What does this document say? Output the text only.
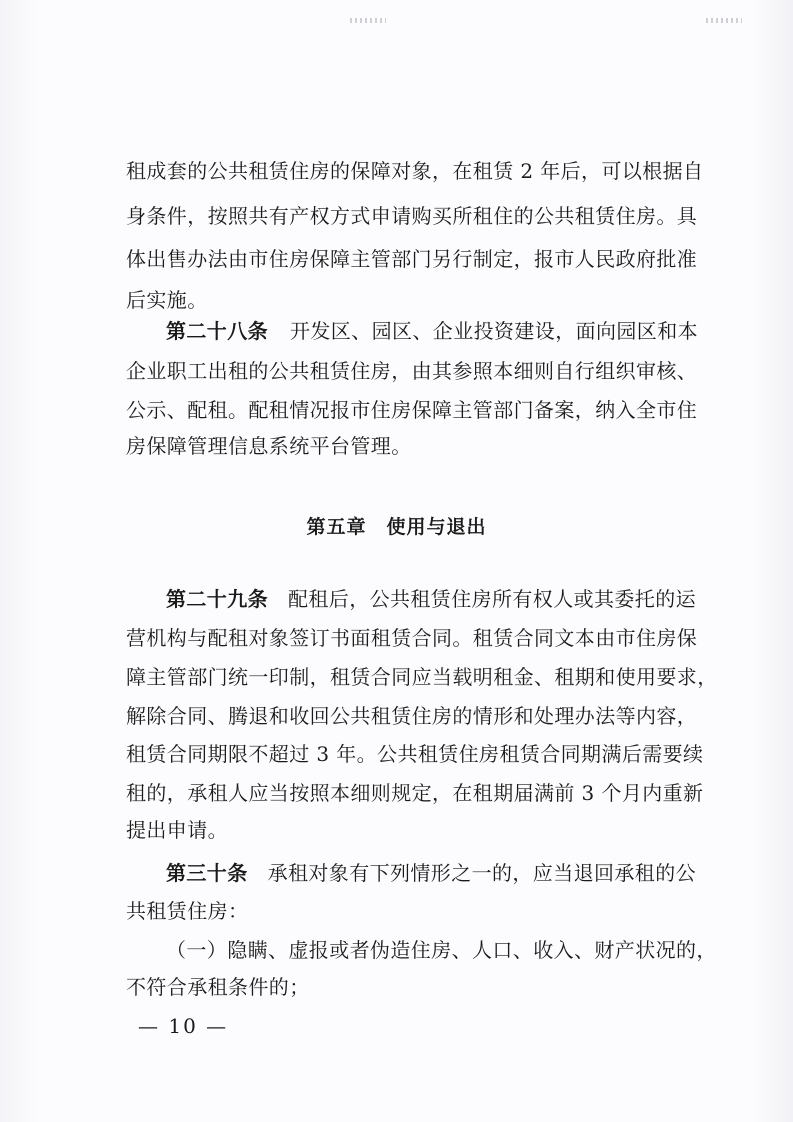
租成套的公共租赁住房的保障对象，在租赁 2 年后，可以根据自
身条件，按照共有产权方式申请购买所租住的公共租赁住房。具
体出售办法由市住房保障主管部门另行制定，报市人民政府批准
后实施。
第二十八条 开发区、园区、企业投资建设，面向园区和本
企业职工出租的公共租赁住房，由其参照本细则自行组织审核、
公示、配租。配租情况报市住房保障主管部门备案，纳入全市住
房保障管理信息系统平台管理。
第五章　使用与退出
第二十九条 配租后，公共租赁住房所有权人或其委托的运
营机构与配租对象签订书面租赁合同。租赁合同文本由市住房保
障主管部门统一印制，租赁合同应当载明租金、租期和使用要求，
解除合同、腾退和收回公共租赁住房的情形和处理办法等内容，
租赁合同期限不超过 3 年。公共租赁住房租赁合同期满后需要续
租的，承租人应当按照本细则规定，在租期届满前 3 个月内重新
提出申请。
第三十条 承租对象有下列情形之一的，应当退回承租的公
共租赁住房：
（一）隐瞒、虚报或者伪造住房、人口、收入、财产状况的，
不符合承租条件的；
— 10 —
